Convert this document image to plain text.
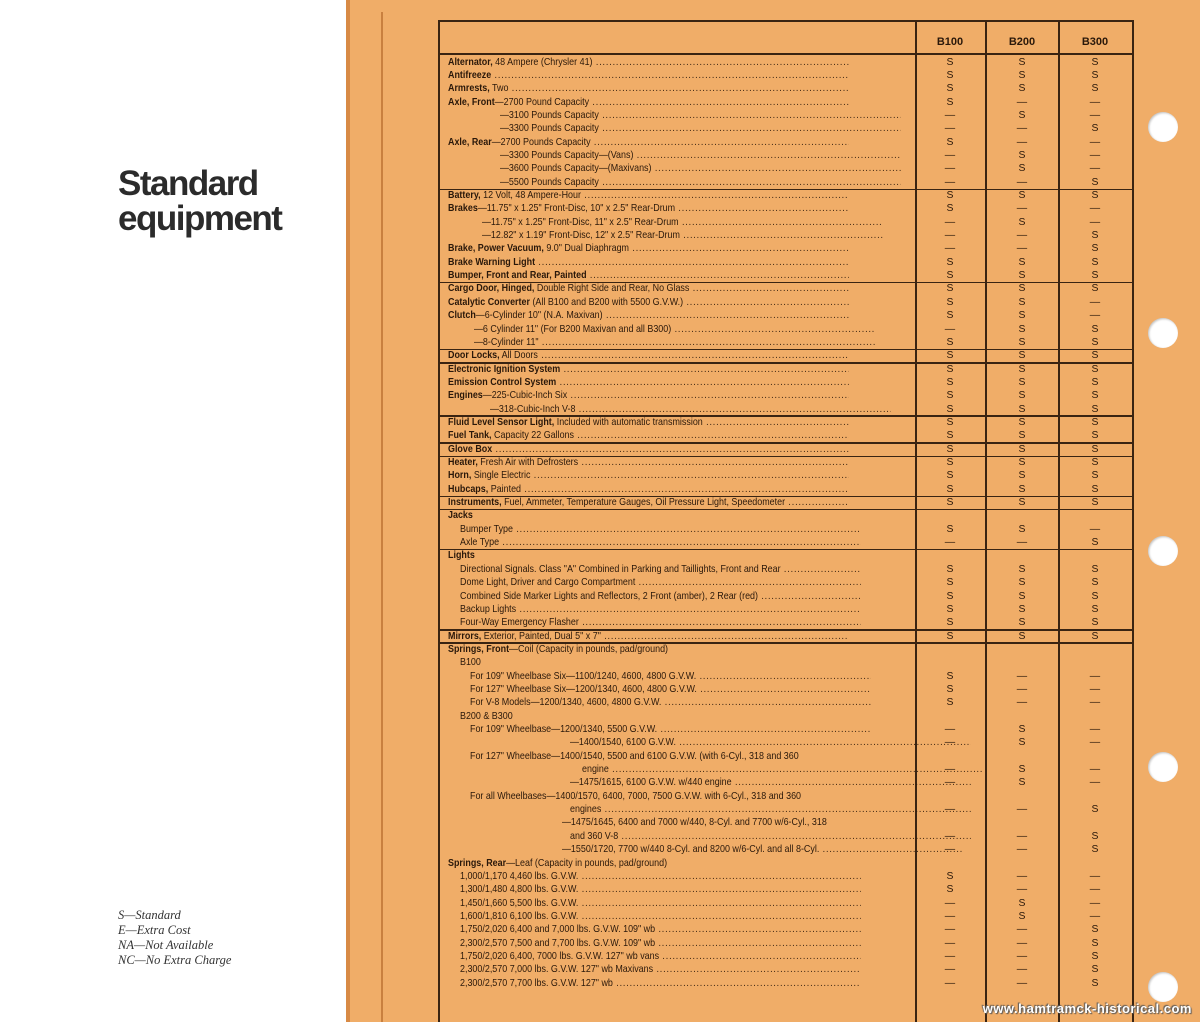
Standard
equipment
S—Standard
E—Extra Cost
NA—Not Available
NC—No Extra Charge
B100	B200	B300
Alternator, 48 Ampere (Chrysler 41) .....	S	S	S
Antifreeze .....	S	S	S
Armrests, Two .....	S	S	S
Axle, Front—2700 Pound Capacity .....	S	—	—
—3100 Pounds Capacity .....	—	S	—
—3300 Pounds Capacity .....	—	—	S
Axle, Rear—2700 Pounds Capacity .....	S	—	—
—3300 Pounds Capacity—(Vans) .....	—	S	—
—3600 Pounds Capacity—(Maxivans) .....	—	S	—
—5500 Pounds Capacity .....	—	—	S
Battery, 12 Volt, 48 Ampere-Hour .....	S	S	S
Brakes—11.75" x 1.25" Front-Disc, 10" x 2.5" Rear-Drum .....	S	—	—
—11.75" x 1.25" Front-Disc, 11" x 2.5" Rear-Drum .....	—	S	—
—12.82" x 1.19" Front-Disc, 12" x 2.5" Rear-Drum .....	—	—	S
Brake, Power Vacuum, 9.0" Dual Diaphragm .....	—	—	S
Brake Warning Light .....	S	S	S
Bumper, Front and Rear, Painted .....	S	S	S
Cargo Door, Hinged, Double Right Side and Rear, No Glass .....	S	S	S
Catalytic Converter (All B100 and B200 with 5500 G.V.W.) .....	S	S	—
Clutch—6-Cylinder 10" (N.A. Maxivan) .....	S	S	—
—6 Cylinder 11" (For B200 Maxivan and all B300) .....	—	S	S
—8-Cylinder 11" .....	S	S	S
Door Locks, All Doors .....	S	S	S
Electronic Ignition System .....	S	S	S
Emission Control System .....	S	S	S
Engines—225-Cubic-Inch Six .....	S	S	S
—318-Cubic-Inch V-8 .....	S	S	S
Fluid Level Sensor Light, Included with automatic transmission .....	S	S	S
Fuel Tank, Capacity 22 Gallons .....	S	S	S
Glove Box .....	S	S	S
Heater, Fresh Air with Defrosters .....	S	S	S
Horn, Single Electric .....	S	S	S
Hubcaps, Painted .....	S	S	S
Instruments, Fuel, Ammeter, Temperature Gauges, Oil Pressure Light, Speedometer .....	S	S	S
Jacks
Bumper Type .....	S	S	—
Axle Type .....	—	—	S
Lights
Directional Signals. Class "A" Combined in Parking and Taillights, Front and Rear .....	S	S	S
Dome Light, Driver and Cargo Compartment .....	S	S	S
Combined Side Marker Lights and Reflectors, 2 Front (amber), 2 Rear (red) .....	S	S	S
Backup Lights .....	S	S	S
Four-Way Emergency Flasher .....	S	S	S
Mirrors, Exterior, Painted, Dual 5" x 7" .....	S	S	S
Springs, Front—Coil (Capacity in pounds, pad/ground)
B100
For 109" Wheelbase Six—1100/1240, 4600, 4800 G.V.W. .....	S	—	—
For 127" Wheelbase Six—1200/1340, 4600, 4800 G.V.W. .....	S	—	—
For V-8 Models—1200/1340, 4600, 4800 G.V.W. .....	S	—	—
B200 & B300
For 109" Wheelbase—1200/1340, 5500 G.V.W. .....	—	S	—
—1400/1540, 6100 G.V.W. .....	—	S	—
For 127" Wheelbase—1400/1540, 5500 and 6100 G.V.W. (with 6-Cyl., 318 and 360
engine .....	—	S	—
—1475/1615, 6100 G.V.W. w/440 engine .....	—	S	—
For all Wheelbases—1400/1570, 6400, 7000, 7500 G.V.W. with 6-Cyl., 318 and 360
engines .....	—	—	S
—1475/1645, 6400 and 7000 w/440, 8-Cyl. and 7700 w/6-Cyl., 318
and 360 V-8 .....	—	—	S
—1550/1720, 7700 w/440 8-Cyl. and 8200 w/6-Cyl. and all 8-Cyl. .....	—	—	S
Springs, Rear—Leaf (Capacity in pounds, pad/ground)
1,000/1,170 4,460 lbs. G.V.W. .....	S	—	—
1,300/1,480 4,800 lbs. G.V.W. .....	S	—	—
1,450/1,660 5,500 lbs. G.V.W. .....	—	S	—
1,600/1,810 6,100 lbs. G.V.W. .....	—	S	—
1,750/2,020 6,400 and 7,000 lbs. G.V.W. 109" wb .....	—	—	S
2,300/2,570 7,500 and 7,700 lbs. G.V.W. 109" wb .....	—	—	S
1,750/2,020 6,400, 7000 lbs. G.V.W. 127" wb vans .....	—	—	S
2,300/2,570 7,000 lbs. G.V.W. 127" wb Maxivans .....	—	—	S
2,300/2,570 7,700 lbs. G.V.W. 127" wb .....	—	—	S
www.hamtramck-historical.com
